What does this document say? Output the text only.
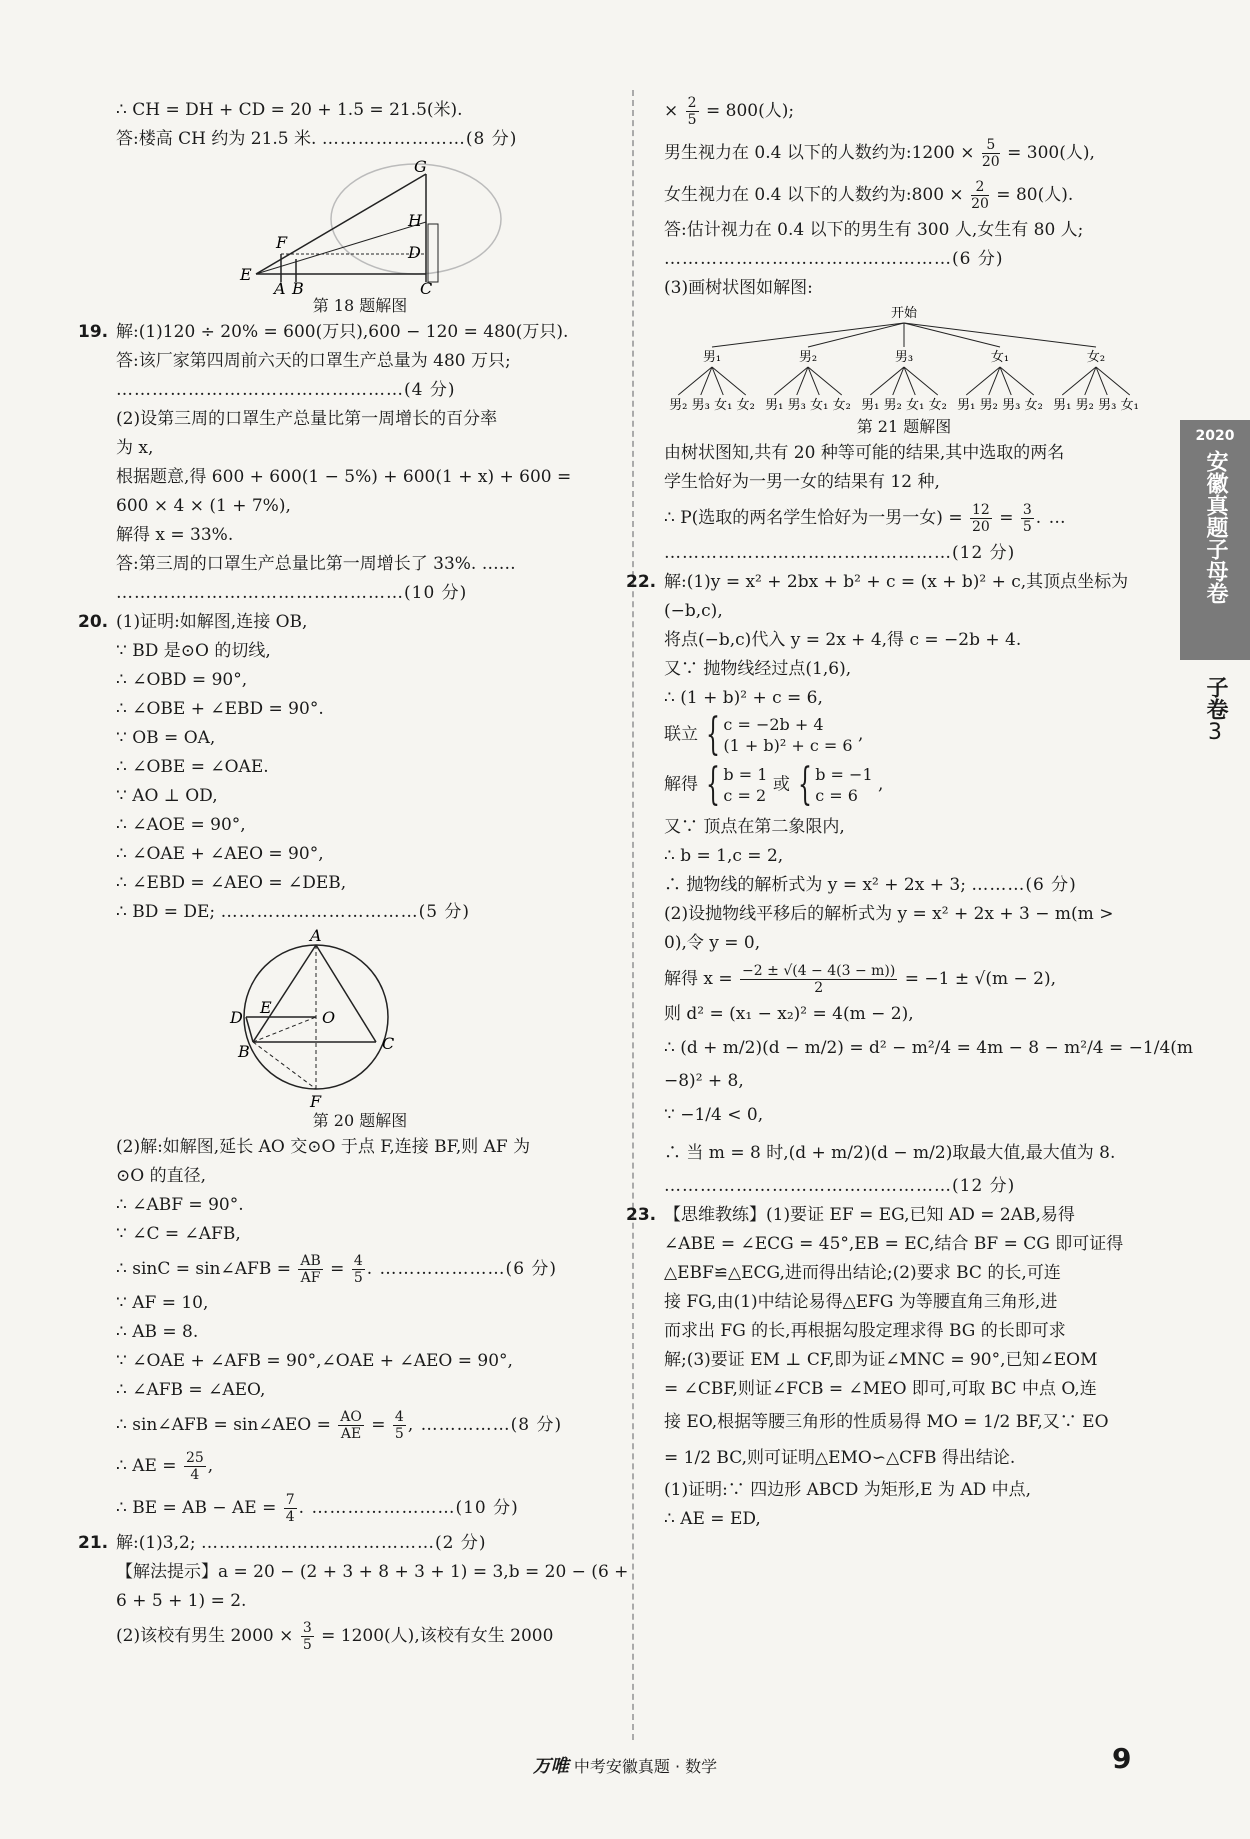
∴ CH = DH + CD = 20 + 1.5 = 21.5(米).
答:楼高 CH 约为 21.5 米. ……………………(8 分)
G
F
H
D
E
A B	C
第 18 题解图
19. 解:(1)120 ÷ 20% = 600(万只),600 − 120 = 480(万只).
答:该厂家第四周前六天的口罩生产总量为 480 万只;
…………………………………………(4 分)
(2)设第三周的口罩生产总量比第一周增长的百分率
为 x,
根据题意,得 600 + 600(1 − 5%) + 600(1 + x) + 600 =
600 × 4 × (1 + 7%),
解得 x = 33%.
答:第三周的口罩生产总量比第一周增长了 33%. ……
…………………………………………(10 分)
20. (1)证明:如解图,连接 OB,
∵ BD 是⊙O 的切线,
∴ ∠OBD = 90°,
∴ ∠OBE + ∠EBD = 90°.
∵ OB = OA,
∴ ∠OBE = ∠OAE.
∵ AO ⊥ OD,
∴ ∠AOE = 90°,
∴ ∠OAE + ∠AEO = 90°,
∴ ∠EBD = ∠AEO = ∠DEB,
∴ BD = DE; ……………………………(5 分)
A
E
D	O
C
B
F
第 20 题解图
(2)解:如解图,延长 AO 交⊙O 于点 F,连接 BF,则 AF 为
⊙O 的直径,
∴ ∠ABF = 90°.
∵ ∠C = ∠AFB,
∴ sinC = sin∠AFB = $\frac{AB}{AF} = \frac{4}{5}$ . …………………(6 分)
∵ AF = 10,
∴ AB = 8.
∵ ∠OAE + ∠AFB = 90°,∠OAE + ∠AEO = 90°,
∴ ∠AFB = ∠AEO,
∴ sin∠AFB = sin∠AEO = $\frac{AO}{AE} = \frac{4}{5}$ , ……………(8 分)
∴ AE = $\frac{25}{4}$ ,
∴ BE = AB − AE = $\frac{7}{4}$ . ……………………(10 分)
21. 解:(1)3,2; …………………………………(2 分)
【解法提示】a = 20 − (2 + 3 + 8 + 3 + 1) = 3,b = 20 − (6 +
6 + 5 + 1) = 2.
(2)该校有男生 $2000 \times \frac{3}{5} = 1200$(人),该校有女生 2000
× $\frac{2}{5} = 800$(人);
男生视力在 0.4 以下的人数约为:1200 × $\frac{5}{20} = 300$(人),
女生视力在 0.4 以下的人数约为:800 × $\frac{2}{20} = 80$(人).
答:估计视力在 0.4 以下的男生有 300 人,女生有 80 人;
…………………………………………(6 分)
(3)画树状图如解图:
开始
男₁
男₂ 男₃ 女₁ 女₂
男₂
男₁ 男₃ 女₁ 女₂
男₃
男₁ 男₂ 女₁ 女₂
女₁
男₁ 男₂ 男₃ 女₂
女₂
男₁ 男₂ 男₃ 女₁
第 21 题解图
由树状图知,共有 20 种等可能的结果,其中选取的两名
学生恰好为一男一女的结果有 12 种,
∴ P(选取的两名学生恰好为一男一女) = $\frac{12}{20} = \frac{3}{5}$ . …
…………………………………………(12 分)
22. 解:(1)y = x² + 2bx + b² + c = (x + b)² + c,其顶点坐标为
(−b,c),
将点(−b,c)代入 y = 2x + 4,得 c = −2b + 4.
又∵ 抛物线经过点(1,6),
∴ (1 + b)² + c = 6,
联立 { c = −2b + 4
(1 + b)² + c = 6
,
解得 { b = 1
c = 2
或 { b = −1
c = 6
,
又∵ 顶点在第二象限内,
∴ b = 1,c = 2,
∴ 抛物线的解析式为 y = x² + 2x + 3; ………(6 分)
(2)设抛物线平移后的解析式为 y = x² + 2x + 3 − m(m >
0),令 y = 0,
解得 $x = \frac{-2 \pm √(4 - 4(3 - m))}{2} = -1 \pm √(m - 2)$,
则 d² = (x₁ − x₂)² = 4(m − 2),
∴ (d + m/2)(d − m/2) = d² − m²/4 = 4m − 8 − m²/4 = −1/4(m
−8)² + 8,
∵ −1/4 < 0,
∴ 当 m = 8 时,(d + m/2)(d − m/2)取最大值,最大值为 8.
…………………………………………(12 分)
23. 【思维教练】(1)要证 EF = EG,已知 AD = 2AB,易得
∠ABE = ∠ECG = 45°,EB = EC,结合 BF = CG 即可证得
△EBF≌△ECG,进而得出结论;(2)要求 BC 的长,可连
接 FG,由(1)中结论易得△EFG 为等腰直角三角形,进
而求出 FG 的长,再根据勾股定理求得 BG 的长即可求
解;(3)要证 EM ⊥ CF,即为证∠MNC = 90°,已知∠EOM
= ∠CBF,则证∠FCB = ∠MEO 即可,可取 BC 中点 O,连
接 EO,根据等腰三角形的性质易得 MO = 1/2 BF,又∵ EO
= 1/2 BC,则可证明△EMO∽△CFB 得出结论.
(1)证明:∵ 四边形 ABCD 为矩形,E 为 AD 中点,
∴ AE = ED,
2020
安徽真题子母卷
子卷
3
万唯 中考安徽真题 · 数学	9
